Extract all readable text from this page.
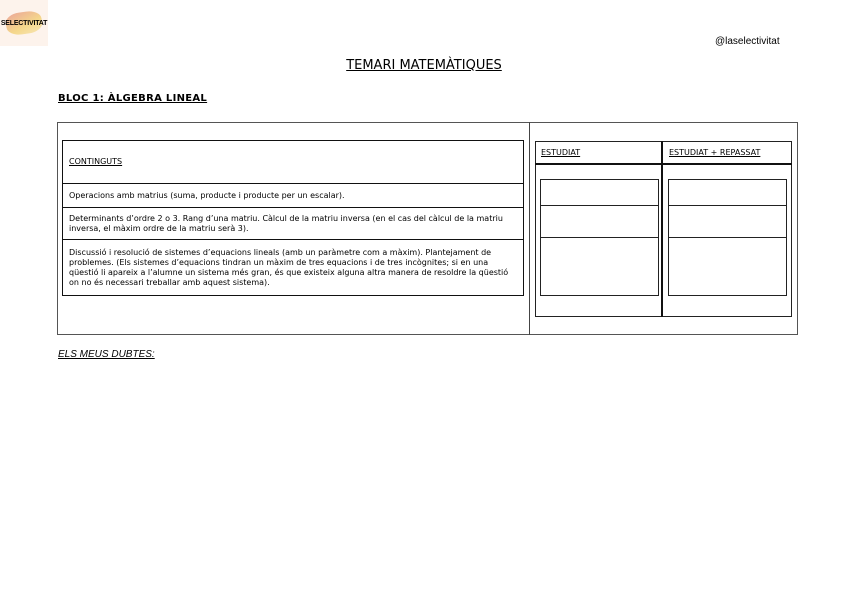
SELECTIVITAT
@laselectivitat
TEMARI MATEMÀTIQUES
BLOC 1: ÀLGEBRA LINEAL
CONTINGUTS
Operacions amb matrius (suma, producte i producte per un escalar).
Determinants d’ordre 2 o 3. Rang d’una matriu. Càlcul de la matriu inversa (en el cas del càlcul de la matriu inversa, el màxim ordre de la matriu serà 3).
Discussió i resolució de sistemes d’equacions lineals (amb un paràmetre com a màxim). Plantejament de problemes. (Els sistemes d’equacions tindran un màxim de tres equacions i de tres incògnites; si en una qüestió li apareix a l’alumne un sistema més gran, és que existeix alguna altra manera de resoldre la qüestió on no és necessari treballar amb aquest sistema).
ESTUDIAT	ESTUDIAT + REPASSAT
ELS MEUS DUBTES:
